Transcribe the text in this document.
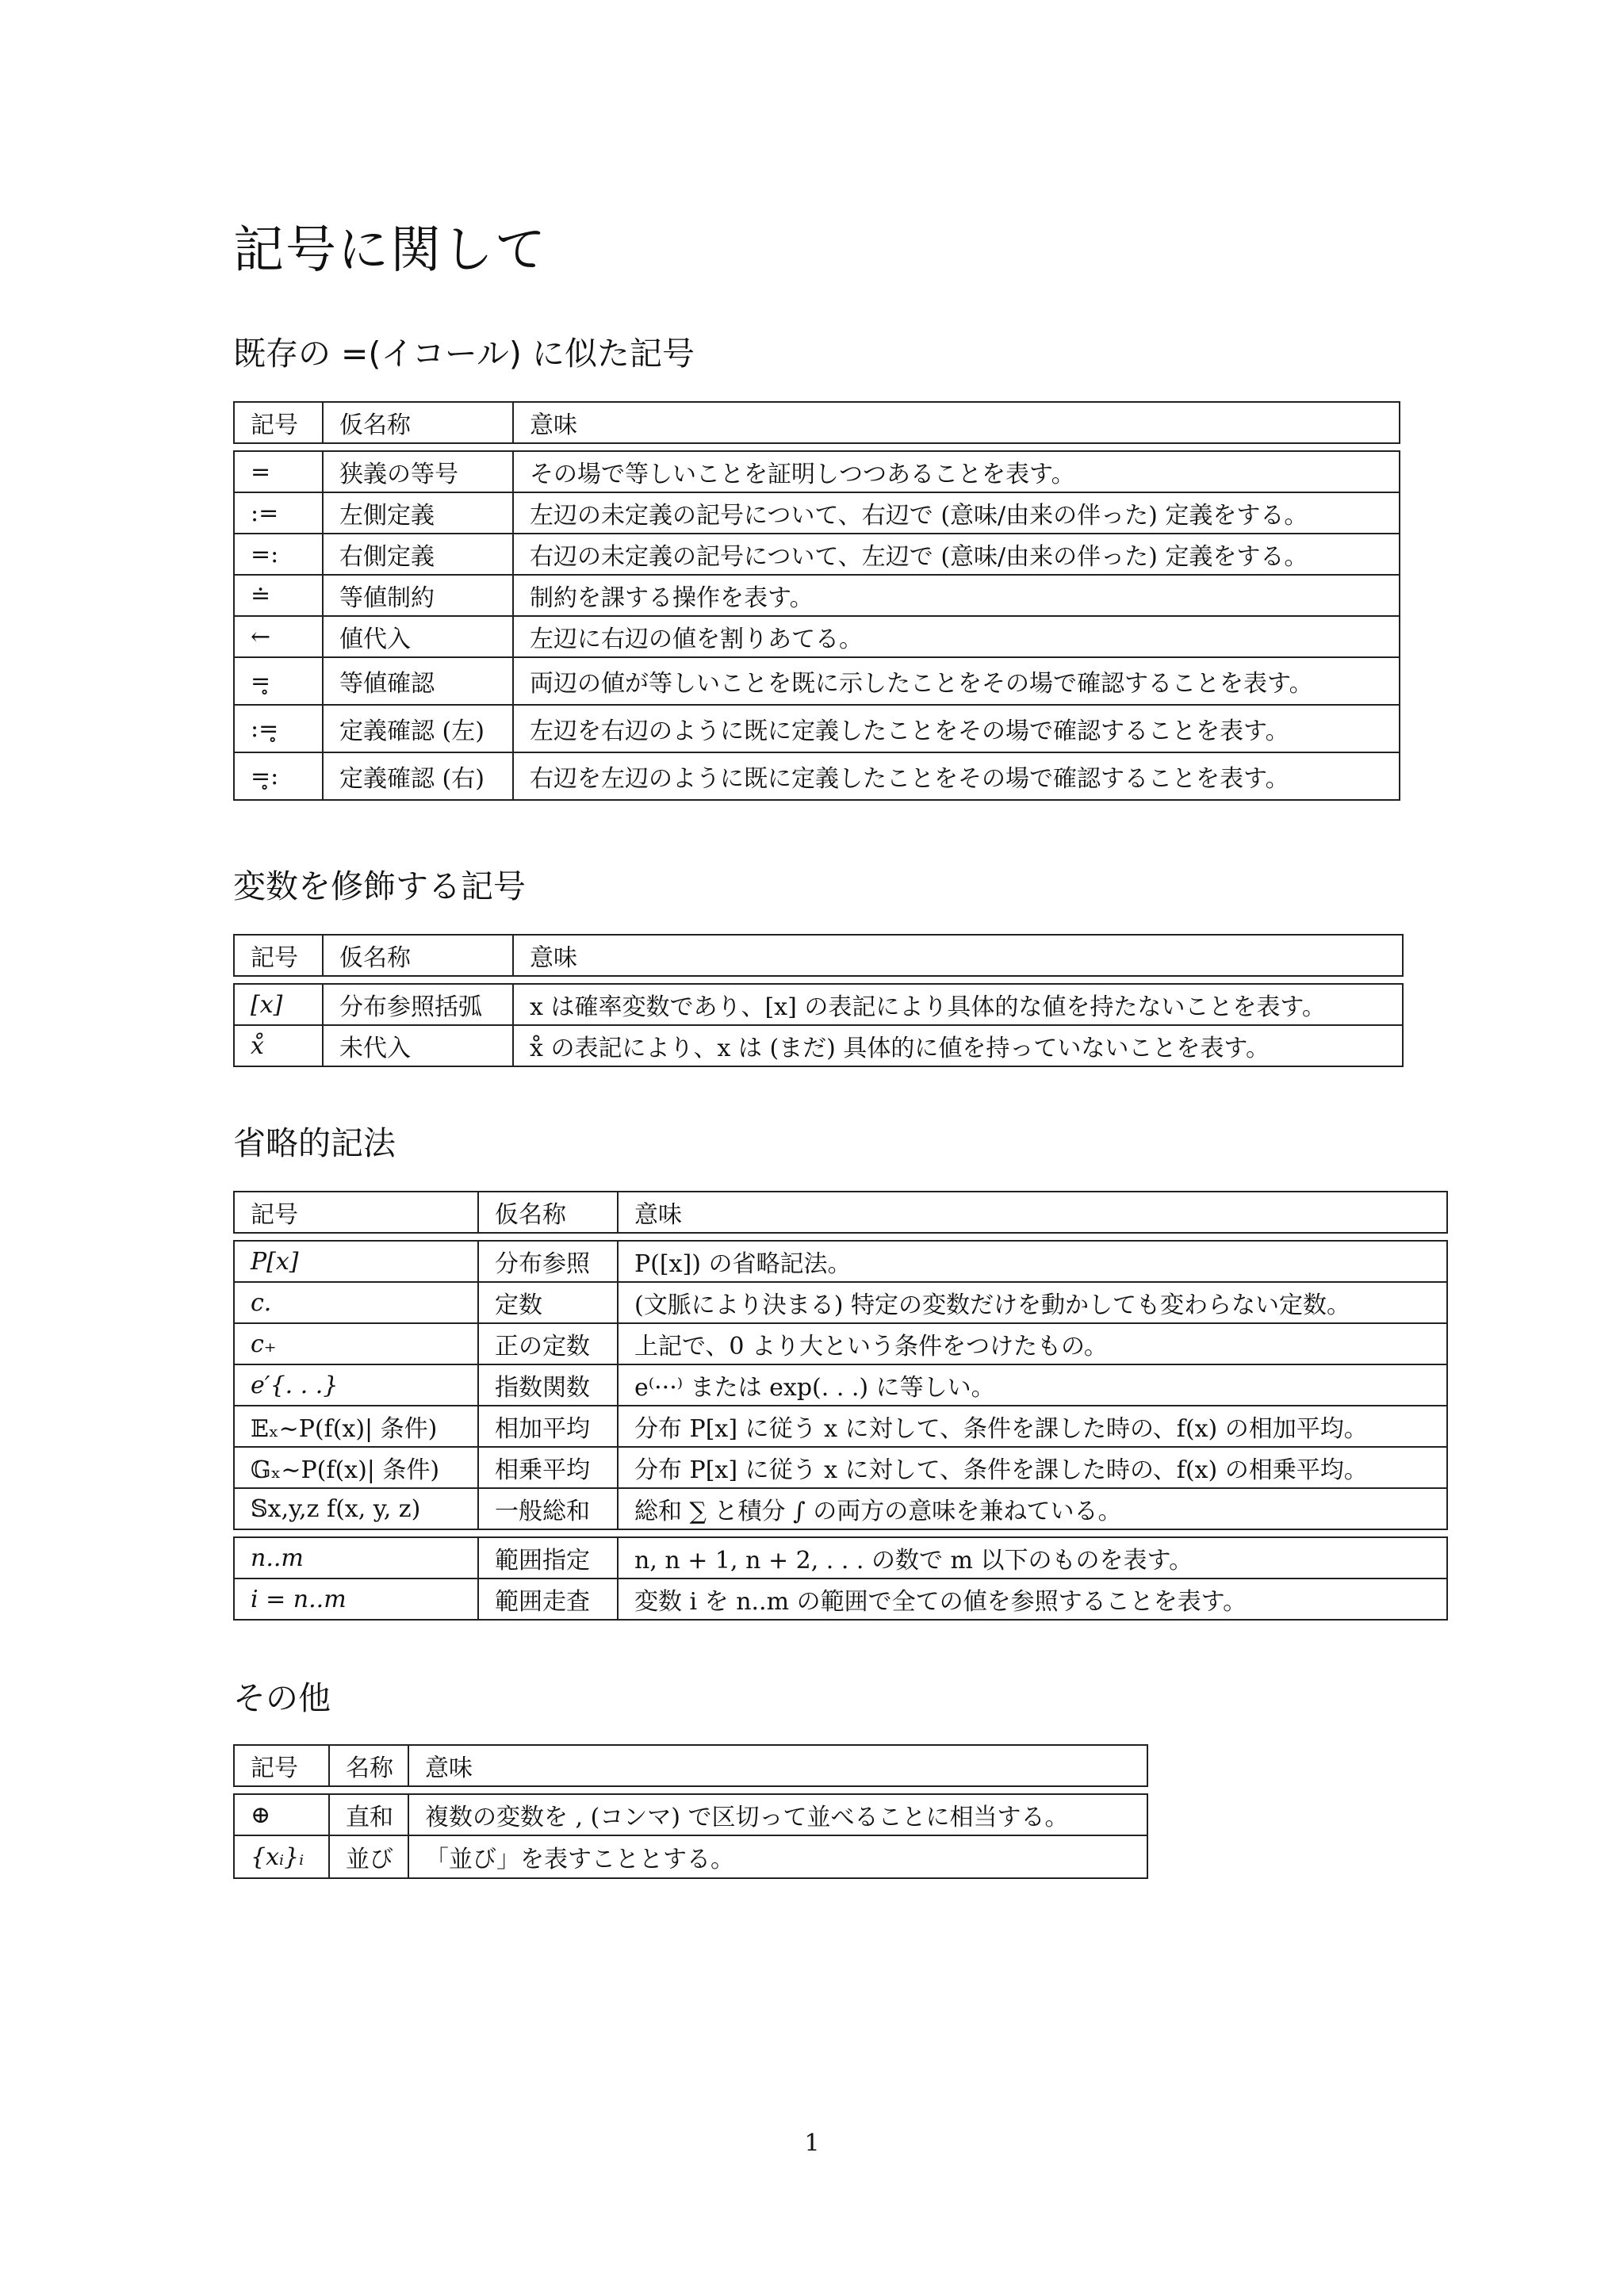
記号に関して
既存の =(イコール) に似た記号
記号	仮名称	意味
=	狭義の等号	その場で等しいことを証明しつつあることを表す。
:=	左側定義	左辺の未定義の記号について、右辺で (意味/由来の伴った) 定義をする。
=:	右側定義	右辺の未定義の記号について、左辺で (意味/由来の伴った) 定義をする。
≐	等値制約	制約を課する操作を表す。
←	値代入	左辺に右辺の値を割りあてる。
=̥	等値確認	両辺の値が等しいことを既に示したことをその場で確認することを表す。
:=̥	定義確認 (左)	左辺を右辺のように既に定義したことをその場で確認することを表す。
=̥:	定義確認 (右)	右辺を左辺のように既に定義したことをその場で確認することを表す。
変数を修飾する記号
記号	仮名称	意味
[x]	分布参照括弧	x は確率変数であり、[x] の表記により具体的な値を持たないことを表す。
x̊	未代入	x̊ の表記により、x は (まだ) 具体的に値を持っていないことを表す。
省略的記法
記号	仮名称	意味
P[x]	分布参照	P([x]) の省略記法。
c.	定数	(文脈により決まる) 特定の変数だけを動かしても変わらない定数。
c₊	正の定数	上記で、0 より大という条件をつけたもの。
e′{. . .}	指数関数	e⁽···⁾ または exp(. . .) に等しい。
𝔼ₓ∼P(f(x)| 条件)	相加平均	分布 P[x] に従う x に対して、条件を課した時の、f(x) の相加平均。
𝔾ₓ∼P(f(x)| 条件)	相乗平均	分布 P[x] に従う x に対して、条件を課した時の、f(x) の相乗平均。
𝕊x,y,z f(x, y, z)	一般総和	総和 ∑ と積分 ∫ の両方の意味を兼ねている。
n..m	範囲指定	n, n + 1, n + 2, . . . の数で m 以下のものを表す。
i = n..m	範囲走査	変数 i を n..m の範囲で全ての値を参照することを表す。
その他
記号	名称	意味
⊕	直和	複数の変数を , (コンマ) で区切って並べることに相当する。
{xᵢ}ᵢ	並び	「並び」を表すこととする。
1
